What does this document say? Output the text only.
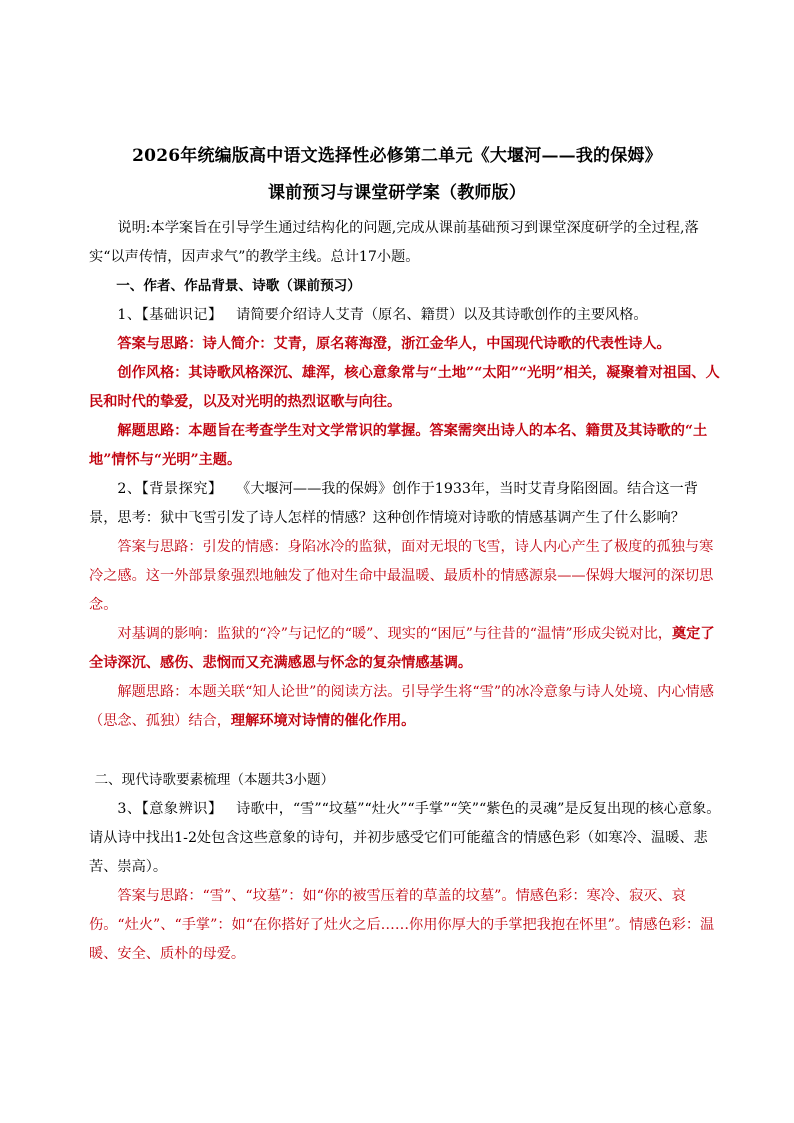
2026年统编版高中语文选择性必修第二单元《大堰河——我的保姆》
课前预习与课堂研学案（教师版）

说明:本学案旨在引导学生通过结构化的问题,完成从课前基础预习到课堂深度研学的全过程,落实“以声传情，因声求气”的教学主线。总计17小题。

一、作者、作品背景、诗歌（课前预习）

1、【基础识记】 请简要介绍诗人艾青（原名、籍贯）以及其诗歌创作的主要风格。

答案与思路：诗人简介：艾青，原名蒋海澄，浙江金华人，中国现代诗歌的代表性诗人。

创作风格：其诗歌风格深沉、雄浑，核心意象常与“土地”“太阳”“光明”相关，凝聚着对祖国、人民和时代的挚爱，以及对光明的热烈讴歌与向往。

解题思路：本题旨在考查学生对文学常识的掌握。答案需突出诗人的本名、籍贯及其诗歌的“土地”情怀与“光明”主题。

2、【背景探究】 《大堰河——我的保姆》创作于1933年，当时艾青身陷囹圄。结合这一背景，思考：狱中飞雪引发了诗人怎样的情感？这种创作情境对诗歌的情感基调产生了什么影响？

答案与思路：引发的情感：身陷冰冷的监狱，面对无垠的飞雪，诗人内心产生了极度的孤独与寒冷之感。这一外部景象强烈地触发了他对生命中最温暖、最质朴的情感源泉——保姆大堰河的深切思念。

对基调的影响：监狱的“冷”与记忆的“暖”、现实的“困厄”与往昔的“温情”形成尖锐对比，奠定了全诗深沉、感伤、悲悯而又充满感恩与怀念的复杂情感基调。

解题思路：本题关联“知人论世”的阅读方法。引导学生将“雪”的冰冷意象与诗人处境、内心情感（思念、孤独）结合，理解环境对诗情的催化作用。

二、现代诗歌要素梳理（本题共3小题）

3、【意象辨识】 诗歌中，“雪”“坟墓”“灶火”“手掌”“笑”“紫色的灵魂”是反复出现的核心意象。请从诗中找出1-2处包含这些意象的诗句，并初步感受它们可能蕴含的情感色彩（如寒冷、温暖、悲苦、崇高）。

答案与思路：“雪”、“坟墓”：如“你的被雪压着的草盖的坟墓”。情感色彩：寒冷、寂灭、哀伤。“灶火”、“手掌”：如“在你搭好了灶火之后……你用你厚大的手掌把我抱在怀里”。情感色彩：温暖、安全、质朴的母爱。
